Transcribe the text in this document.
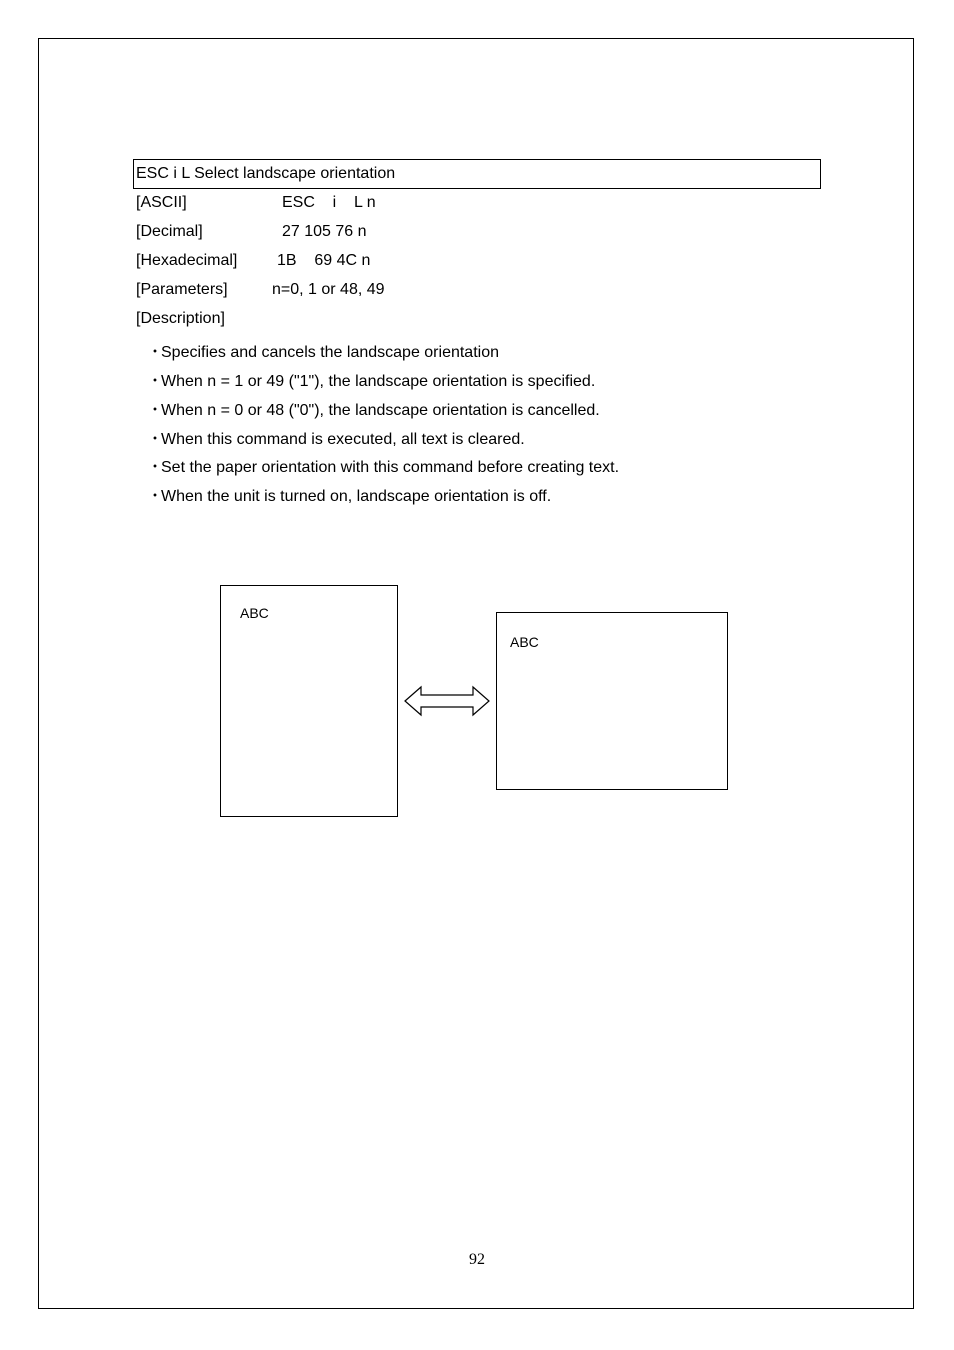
ESC i L Select landscape orientation

[ASCII]

	ESC    i    L n

[Decimal]

	27 105 76 n

[Hexadecimal]

1B    69 4C n

[Parameters]

	n=0, 1 or 48, 49

[Description]

・Specifies and cancels the landscape orientation
・When n = 1 or 49 ("1"), the landscape orientation is specified.
・When n = 0 or 48 ("0"), the landscape orientation is cancelled.
・When this command is executed, all text is cleared.
・Set the paper orientation with this command before creating text.
・When the unit is turned on, landscape orientation is off.
ABC
ABC
92
